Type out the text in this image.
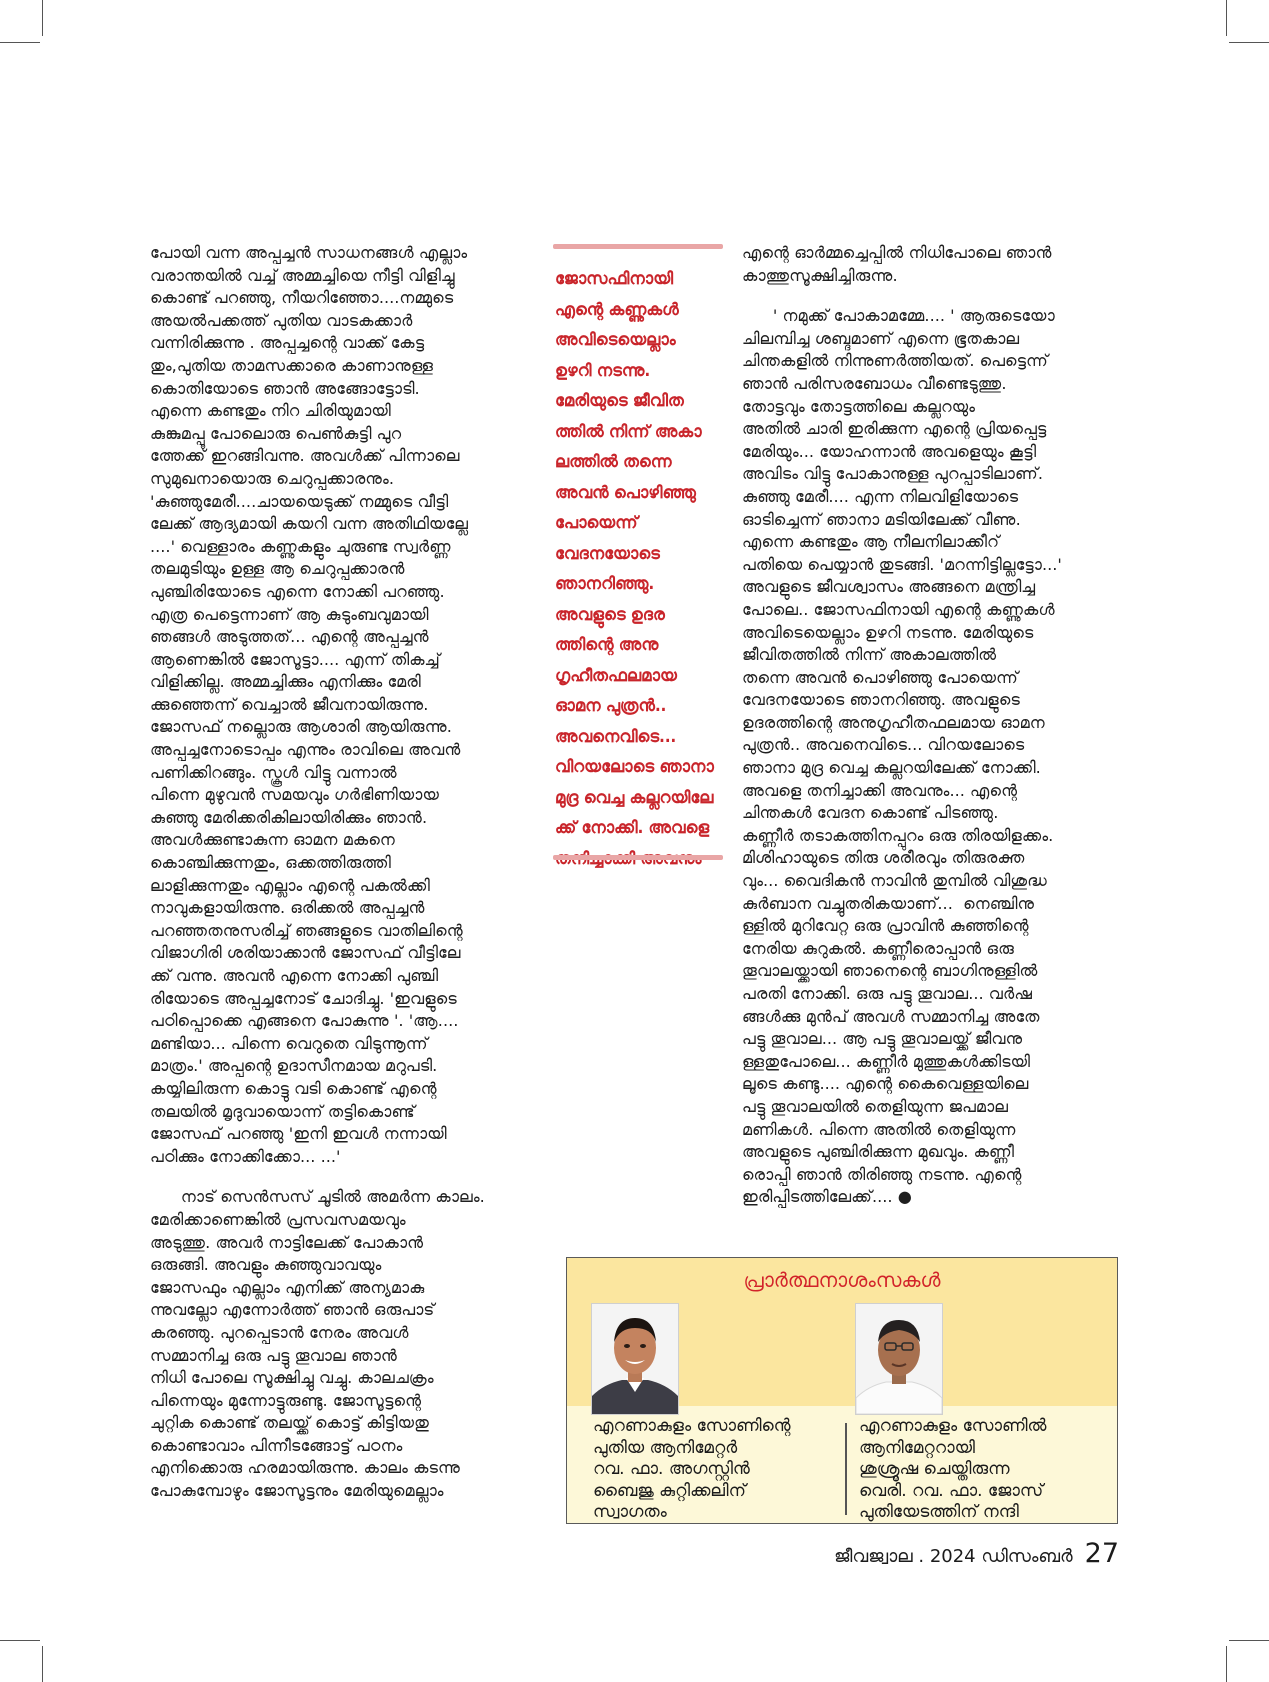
പോയി വന്ന അപ്പച്ചൻ സാധനങ്ങൾ എല്ലാം

വരാന്തയിൽ വച്ച് അമ്മച്ചിയെ നീട്ടി വിളിച്ചു

കൊണ്ട് പറഞ്ഞു, നീയറിഞ്ഞോ....നമ്മുടെ

അയൽപക്കത്ത് പുതിയ വാടകക്കാർ

വന്നിരിക്കുന്നു . അപ്പച്ചന്റെ വാക്ക് കേട്ട

തും,പുതിയ താമസക്കാരെ കാണാനുള്ള

കൊതിയോടെ ഞാൻ അങ്ങോട്ടോടി.

എന്നെ കണ്ടതും നിറ ചിരിയുമായി

കുങ്കുമപ്പൂ പോലൊരു പെൺകുട്ടി പുറ

ത്തേക്ക് ഇറങ്ങിവന്നു. അവൾക്ക് പിന്നാലെ

സുമുഖനായൊരു ചെറുപ്പക്കാരനും.

'കുഞ്ഞുമേരീ....ചായയെടുക്ക് നമ്മുടെ വീട്ടി

ലേക്ക് ആദ്യമായി കയറി വന്ന അതിഥിയല്ലേ

....' വെള്ളാരം കണ്ണുകളും ചുരുണ്ട സ്വർണ്ണ

തലമുടിയും ഉള്ള ആ ചെറുപ്പക്കാരൻ

പുഞ്ചിരിയോടെ എന്നെ നോക്കി പറഞ്ഞു.

എത്ര പെട്ടെന്നാണ് ആ കുടുംബവുമായി

ഞങ്ങൾ അടുത്തത്... എന്റെ അപ്പച്ചൻ

ആണെങ്കിൽ ജോസൂട്ടാ.... എന്ന് തികച്ച്

വിളിക്കില്ല. അമ്മച്ചിക്കും എനിക്കും മേരി

ക്കുഞ്ഞെന്ന് വെച്ചാൽ ജീവനായിരുന്നു.

ജോസഫ് നല്ലൊരു ആശാരി ആയിരുന്നു.

അപ്പച്ചനോടൊപ്പം എന്നും രാവിലെ അവൻ

പണിക്കിറങ്ങും. സ്കൂൾ വിട്ടു വന്നാൽ

പിന്നെ മുഴുവൻ സമയവും ഗർഭിണിയായ

കുഞ്ഞു മേരിക്കരികിലായിരിക്കും ഞാൻ.

അവൾക്കുണ്ടാകുന്ന ഓമന മകനെ

കൊഞ്ചിക്കുന്നതും, ഒക്കത്തിരുത്തി

ലാളിക്കുന്നതും എല്ലാം എന്റെ പകൽക്കി

നാവുകളായിരുന്നു. ഒരിക്കൽ അപ്പച്ചൻ

പറഞ്ഞതനുസരിച്ച് ഞങ്ങളുടെ വാതിലിന്റെ

വിജാഗിരി ശരിയാക്കാൻ ജോസഫ് വീട്ടിലേ

ക്ക് വന്നു. അവൻ എന്നെ നോക്കി പുഞ്ചി

രിയോടെ അപ്പച്ചനോട് ചോദിച്ചു. 'ഇവളുടെ

പഠിപ്പൊക്കെ എങ്ങനെ പോകുന്നു '. 'ആ....

മണ്ടിയാ... പിന്നെ വെറുതെ വിടുന്നൂന്ന്

മാത്രം.' അപ്പന്റെ ഉദാസീനമായ മറുപടി.

കയ്യിലിരുന്ന കൊട്ടു വടി കൊണ്ട് എന്റെ

തലയിൽ മൃദുവായൊന്ന് തട്ടികൊണ്ട്

ജോസഫ് പറഞ്ഞു 'ഇനി ഇവൾ നന്നായി

പഠിക്കും നോക്കിക്കോ... ...'

നാട് സെൻസസ് ചൂടിൽ അമർന്ന കാലം.

മേരിക്കാണെങ്കിൽ പ്രസവസമയവും

അടുത്തു. അവർ നാട്ടിലേക്ക് പോകാൻ

ഒരുങ്ങി. അവളും കുഞ്ഞുവാവയും

ജോസഫും എല്ലാം എനിക്ക് അന്യമാകു

ന്നുവല്ലോ എന്നോർത്ത് ഞാൻ ഒരുപാട്

കരഞ്ഞു. പുറപ്പെടാൻ നേരം അവൾ

സമ്മാനിച്ച ഒരു പട്ടു തൂവാല ഞാൻ

നിധി പോലെ സൂക്ഷിച്ചു വച്ചു. കാലചക്രം

പിന്നെയും മുന്നോട്ടുരുണ്ടു. ജോസൂട്ടന്റെ

ചുറ്റിക കൊണ്ട് തലയ്ക്ക് കൊട്ട് കിട്ടിയതു

കൊണ്ടാവാം പിന്നീടങ്ങോട്ട് പഠനം

എനിക്കൊരു ഹരമായിരുന്നു. കാലം കടന്നു

പോകുമ്പോഴും ജോസൂട്ടനും മേരിയുമെല്ലാം

ജോസഫിനായി
എന്റെ കണ്ണുകൾ
അവിടെയെല്ലാം
ഉഴറി നടന്നു.
മേരിയുടെ ജീവിത
ത്തിൽ നിന്ന് അകാ
ലത്തിൽ തന്നെ
അവൻ പൊഴിഞ്ഞു
പോയെന്ന്
വേദനയോടെ
ഞാനറിഞ്ഞു.
അവളുടെ ഉദര
ത്തിന്റെ അനു
ഗൃഹീതഫലമായ
ഓമന പുത്രൻ..
അവനെവിടെ...
വിറയലോടെ ഞാനാ
മുദ്ര വെച്ച കല്ലറയിലേ
ക്ക് നോക്കി. അവളെ

എന്റെ ഓർമ്മച്ചെപ്പിൽ നിധിപോലെ ഞാൻ

കാത്തുസൂക്ഷിച്ചിരുന്നു.

' നമുക്ക് പോകാമമ്മേ.... ' ആരുടെയോ

ചിലമ്പിച്ച ശബ്ദമാണ് എന്നെ ഭൂതകാല

ചിന്തകളിൽ നിന്നുണർത്തിയത്. പെട്ടെന്ന്

ഞാൻ പരിസരബോധം വീണ്ടെടുത്തു.

തോട്ടവും തോട്ടത്തിലെ കല്ലറയും

അതിൽ ചാരി ഇരിക്കുന്ന എന്റെ പ്രിയപ്പെട്ട

മേരിയും... യോഹന്നാൻ അവളെയും കൂട്ടി

അവിടം വിട്ടു പോകാനുള്ള പുറപ്പാടിലാണ്.

കുഞ്ഞു മേരീ.... എന്ന നിലവിളിയോടെ

ഓടിച്ചെന്ന് ഞാനാ മടിയിലേക്ക് വീണു.

എന്നെ കണ്ടതും ആ നീലനിലാക്കീറ്

പതിയെ പെയ്യാൻ തുടങ്ങി. 'മറന്നിട്ടില്ലട്ടോ...'

അവളുടെ ജീവശ്വാസം അങ്ങനെ മന്ത്രിച്ച

പോലെ.. ജോസഫിനായി എന്റെ കണ്ണുകൾ

അവിടെയെല്ലാം ഉഴറി നടന്നു. മേരിയുടെ

ജീവിതത്തിൽ നിന്ന് അകാലത്തിൽ

തന്നെ അവൻ പൊഴിഞ്ഞു പോയെന്ന്

വേദനയോടെ ഞാനറിഞ്ഞു. അവളുടെ

ഉദരത്തിന്റെ അനുഗൃഹീതഫലമായ ഓമന

പുത്രൻ.. അവനെവിടെ... വിറയലോടെ

ഞാനാ മുദ്ര വെച്ച കല്ലറയിലേക്ക് നോക്കി.

അവളെ തനിച്ചാക്കി അവനും... എന്റെ

ചിന്തകൾ വേദന കൊണ്ട് പിടഞ്ഞു.

കണ്ണീർ തടാകത്തിനപ്പുറം ഒരു തിരയിളക്കം.

മിശിഹായുടെ തിരു ശരീരവും തിരുരക്ത

വും... വൈദികൻ നാവിൻ തുമ്പിൽ വിശുദ്ധ

കുർബാന വച്ചുതരികയാണ്...  നെഞ്ചിനു

ള്ളിൽ മുറിവേറ്റ ഒരു പ്രാവിൻ കുഞ്ഞിന്റെ

നേരിയ കുറുകൽ. കണ്ണീരൊപ്പാൻ ഒരു

തൂവാലയ്ക്കായി ഞാനെന്റെ ബാഗിനുള്ളിൽ

പരതി നോക്കി. ഒരു പട്ടു തൂവാല... വർഷ

ങ്ങൾക്കു മുൻപ് അവൾ സമ്മാനിച്ച അതേ

പട്ടു തൂവാല... ആ പട്ടു തൂവാലയ്ക്ക് ജീവനു

ള്ളതുപോലെ... കണ്ണീർ മുത്തുകൾക്കിടയി

ലൂടെ കണ്ടു.... എന്റെ കൈവെള്ളയിലെ

പട്ടു തൂവാലയിൽ തെളിയുന്ന ജപമാല

മണികൾ. പിന്നെ അതിൽ തെളിയുന്ന

അവളുടെ പുഞ്ചിരിക്കുന്ന മുഖവും. കണ്ണീ

രൊപ്പി ഞാൻ തിരിഞ്ഞു നടന്നു. എന്റെ

ഇരിപ്പിടത്തിലേക്ക്.... ●

പ്രാർത്ഥനാശംസകൾ
എറണാകുളം സോണിന്റെ
പുതിയ ആനിമേറ്റർ
റവ. ഫാ. അഗസ്റ്റിൻ
ബൈജു കുറ്റിക്കലിന്
സ്വാഗതം
എറണാകുളം സോണിൽ
ആനിമേറ്ററായി
ശുശ്രൂഷ ചെയ്തിരുന്ന
വെരി. റവ. ഫാ. ജോസ്
പുതിയേടത്തിന് നന്ദി
ജീവജ്വാല . 2024 ഡിസംബർ 27
